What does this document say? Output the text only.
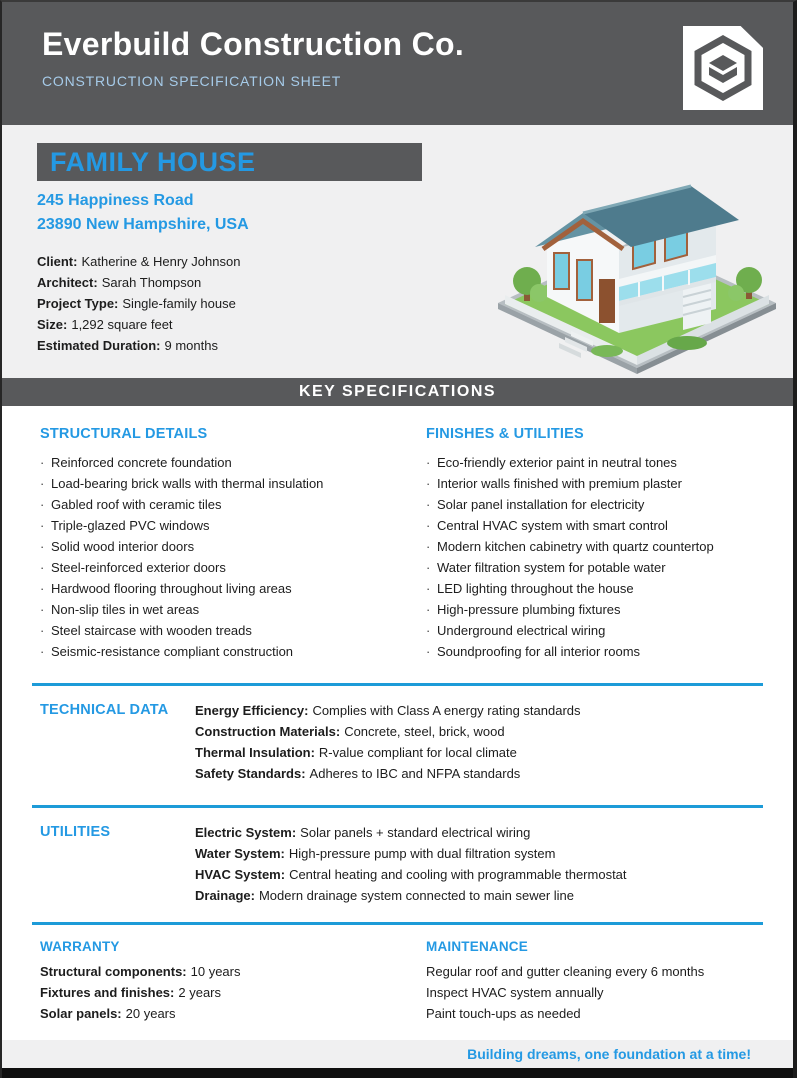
Everbuild Construction Co.
CONSTRUCTION SPECIFICATION SHEET
FAMILY HOUSE
245 Happiness Road
23890 New Hampshire, USA
Client: Katherine & Henry Johnson
Architect: Sarah Thompson
Project Type: Single-family house
Size: 1,292 square feet
Estimated Duration: 9 months
KEY SPECIFICATIONS
STRUCTURAL DETAILS
· Reinforced concrete foundation
· Load-bearing brick walls with thermal insulation
· Gabled roof with ceramic tiles
· Triple-glazed PVC windows
· Solid wood interior doors
· Steel-reinforced exterior doors
· Hardwood flooring throughout living areas
· Non-slip tiles in wet areas
· Steel staircase with wooden treads
· Seismic-resistance compliant construction
FINISHES & UTILITIES
· Eco-friendly exterior paint in neutral tones
· Interior walls finished with premium plaster
· Solar panel installation for electricity
· Central HVAC system with smart control
· Modern kitchen cabinetry with quartz countertop
· Water filtration system for potable water
· LED lighting throughout the house
· High-pressure plumbing fixtures
· Underground electrical wiring
· Soundproofing for all interior rooms
TECHNICAL DATA	Energy Efficiency: Complies with Class A energy rating standards
Construction Materials: Concrete, steel, brick, wood
Thermal Insulation: R-value compliant for local climate
Safety Standards: Adheres to IBC and NFPA standards
UTILITIES	Electric System: Solar panels + standard electrical wiring
Water System: High-pressure pump with dual filtration system
HVAC System: Central heating and cooling with programmable thermostat
Drainage: Modern drainage system connected to main sewer line
WARRANTY
Structural components: 10 years
Fixtures and finishes: 2 years
Solar panels: 20 years
MAINTENANCE
Regular roof and gutter cleaning every 6 months
Inspect HVAC system annually
Paint touch-ups as needed
Building dreams, one foundation at a time!
